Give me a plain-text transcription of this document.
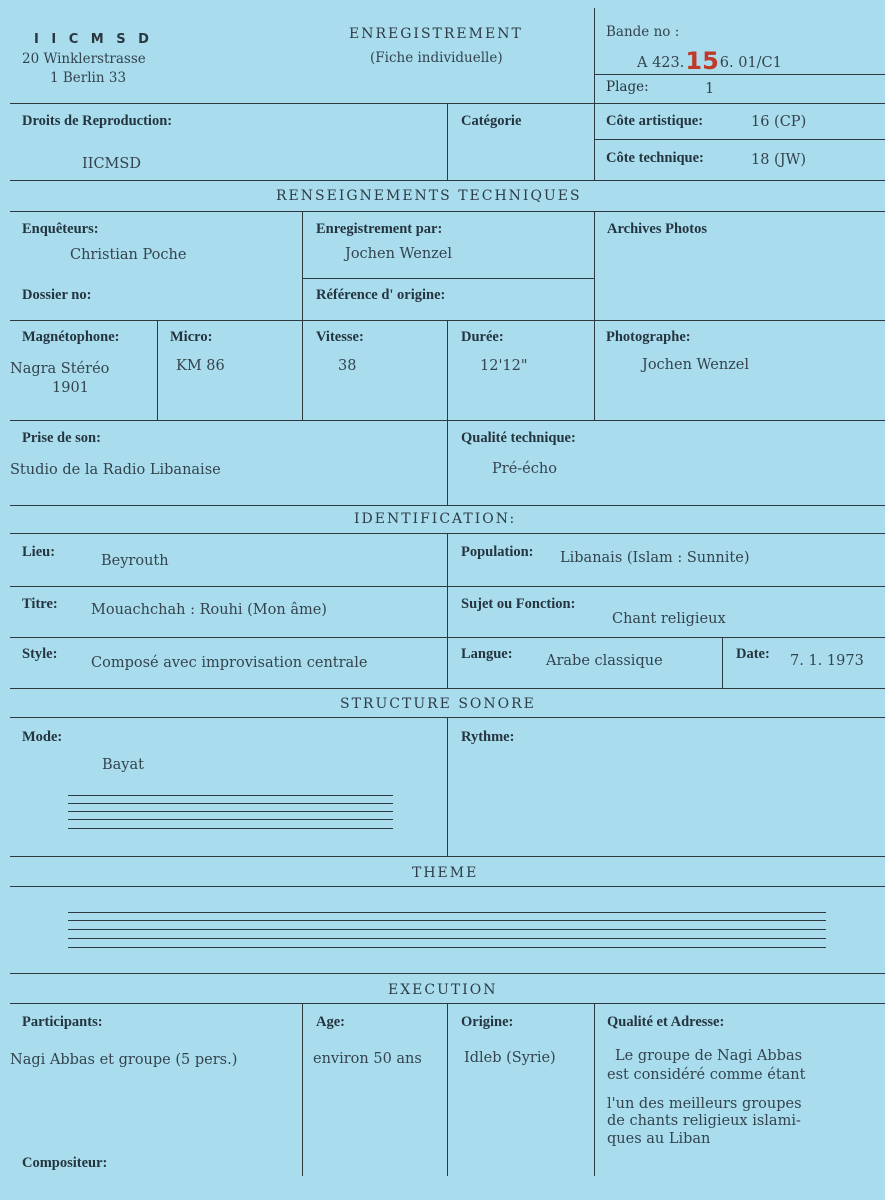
I I C M S D
20 Winklerstrasse
1 Berlin 33
ENREGISTREMENT
(Fiche individuelle)
Bande no :
A 423.156. 01/C1
Plage:	1
Droits de Reproduction:
IICMSD
Catégorie	Côte artistique:	16 (CP)
Côte technique:	18 (JW)
RENSEIGNEMENTS TECHNIQUES
Enquêteurs:
Christian Poche
Enregistrement par:
Jochen Wenzel
Archives Photos
Dossier no:	Référence d' origine:
Magnétophone:
Nagra Stéréo
1901
Micro:
KM 86
Vitesse:
38
Durée:
12'12"
Photographe:
Jochen Wenzel
Prise de son:
Studio de la Radio Libanaise
Qualité technique:
Pré-écho
IDENTIFICATION:
Lieu:
Beyrouth
Population: Libanais (Islam : Sunnite)
Titre: Mouachchah : Rouhi (Mon âme)	Sujet ou Fonction:
Chant religieux
Style:
Composé avec improvisation centrale
Langue: Arabe classique	Date: 7. 1. 1973
STRUCTURE SONORE
Mode:
Bayat
Rythme:
THEME
EXECUTION
Participants:
Nagi Abbas et groupe (5 pers.)
Age:
environ 50 ans
Origine:
Idleb (Syrie)
Qualité et Adresse:
Le groupe de Nagi Abbas
est considéré comme étant
l'un des meilleurs groupes
de chants religieux islami-
ques au Liban
Compositeur:
